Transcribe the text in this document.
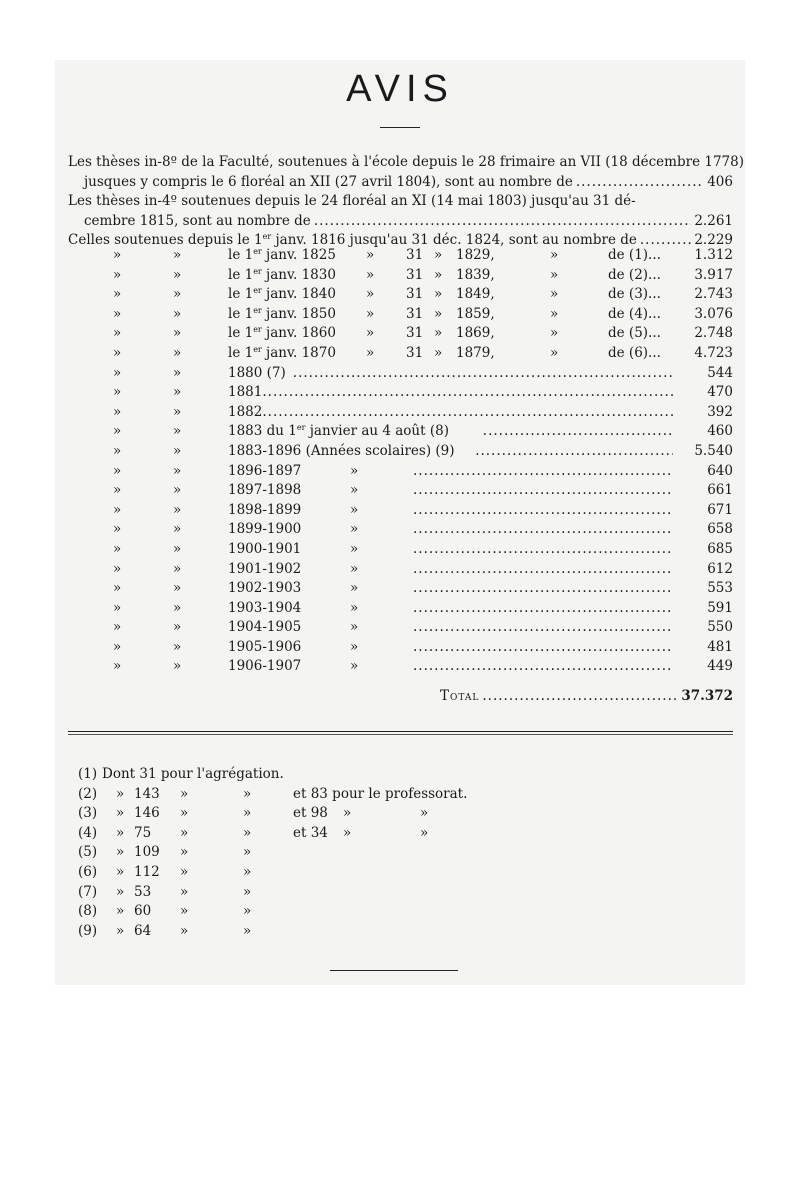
AVIS
Les thèses in-8º de la Faculté, soutenues à l'école depuis le 28 frimaire an VII (18 décembre 1778)
jusques y compris le 6 floréal an XII (27 avril 1804), sont au nombre de .....	406
Les thèses in-4º soutenues depuis le 24 floréal an XI (14 mai 1803) jusqu'au 31 dé-
cembre 1815, sont au nombre de .....	2.261
Celles soutenues depuis le 1er janv. 1816 jusqu'au 31 déc. 1824, sont au nombre de .....	2.229
»	»	le 1er janv. 1825 » 31 » 1829,	»	de (1)... 1.312
»	»	le 1er janv. 1830 » 31 » 1839,	»	de (2)... 3.917
»	»	le 1er janv. 1840 » 31 » 1849,	»	de (3)... 2.743
»	»	le 1er janv. 1850 » 31 » 1859,	»	de (4)... 3.076
»	»	le 1er janv. 1860 » 31 » 1869,	»	de (5)... 2.748
»	»	le 1er janv. 1870 » 31 » 1879,	»	de (6)... 4.723
»	»	1880 (7)	544
.....
»	»	1881	470
.....
»	»	1882	392
.....
»	»	1883 du 1er janvier au 4 août (8)	460
.....
»	»	1883-1896 (Années scolaires) (9)	5.540
.....
»	»	1896-1897	» .....	640
»	»	1897-1898	» .....	661
»	»	1898-1899	» .....	671
»	»	1899-1900	» .....	658
»	»	1900-1901	» .....	685
»	»	1901-1902	» .....	612
»	»	1902-1903	» .....	553
»	»	1903-1904	» .....	591
»	»	1904-1905	» .....	550
»	»	1905-1906	» .....	481
»	»	1906-1907	» .....	449
Total .....	37.372
(1) Dont 31 pour l'agrégation.
(2) » 143 »	»	et 83 pour le professorat.
(3) » 146 »	»	et 98 »	»
(4) » 75 »	»	et 34 »	»
(5) » 109 »	»
(6) » 112 »	»
(7) » 53 »	»
(8) » 60 »	»
(9) » 64 »	»
